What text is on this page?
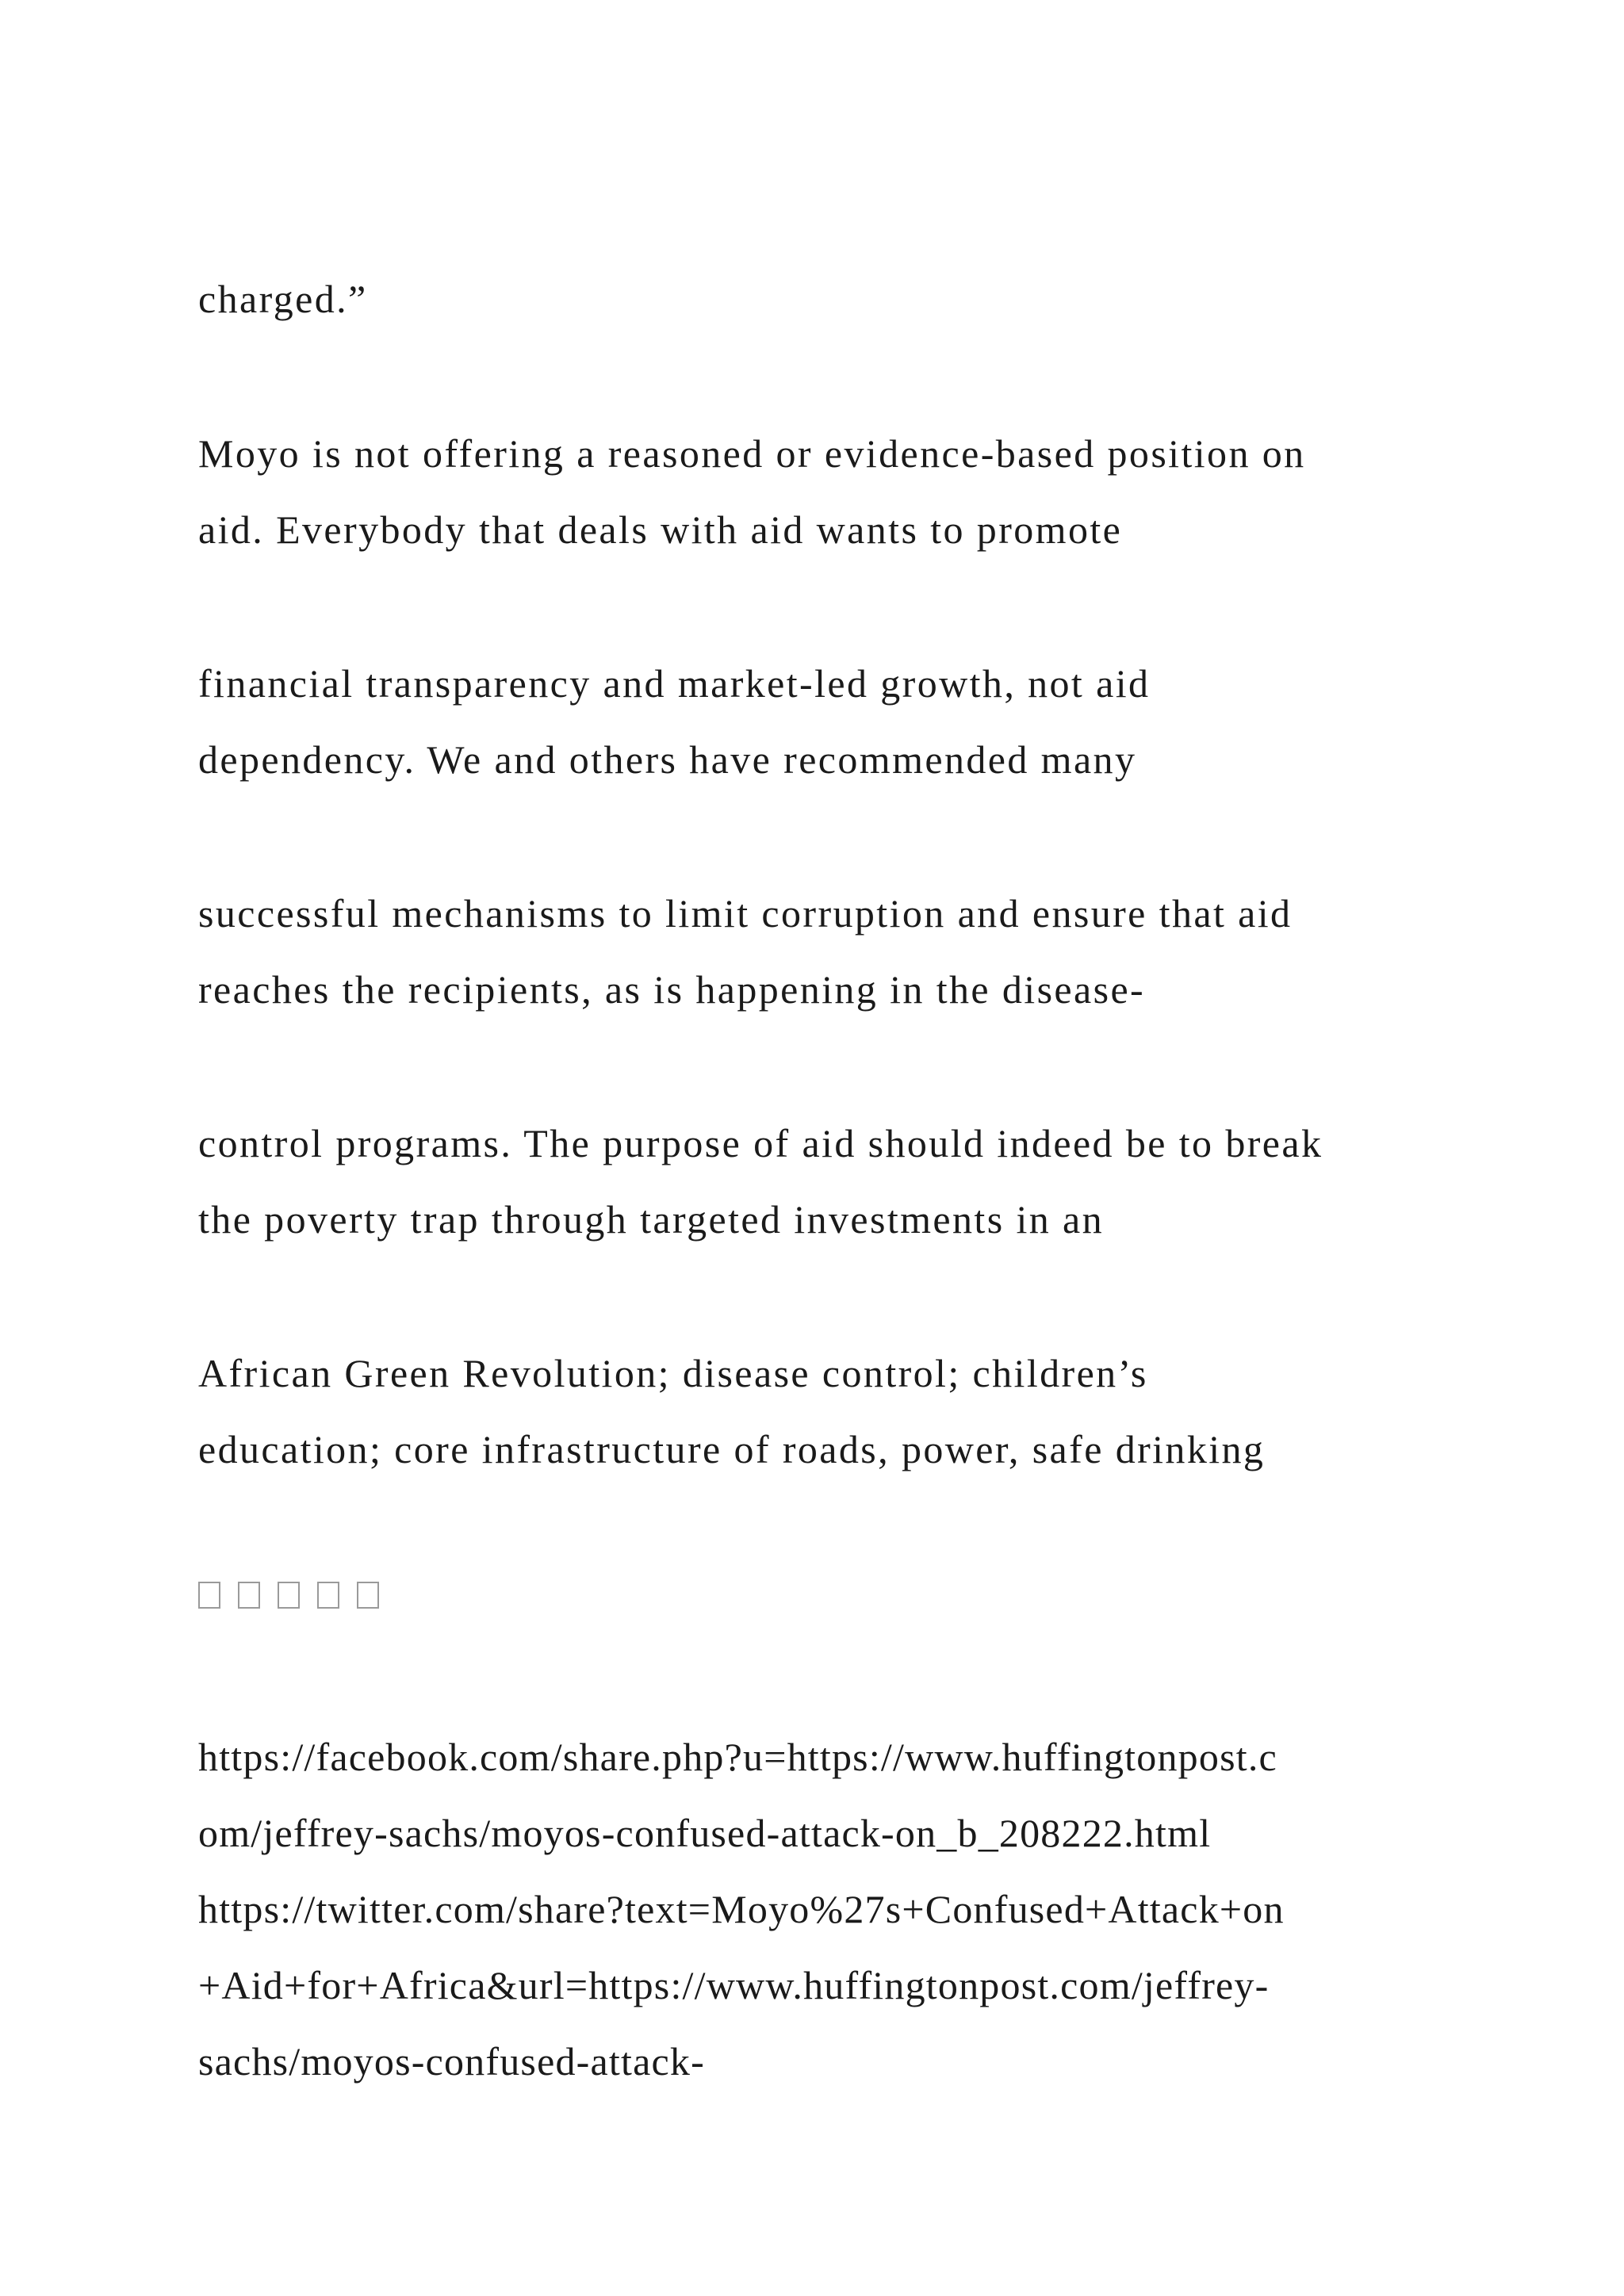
charged.”
Moyo is not offering a reasoned or evidence-based position on
aid. Everybody that deals with aid wants to promote
financial transparency and market-led growth, not aid
dependency. We and others have recommended many
successful mechanisms to limit corruption and ensure that aid
reaches the recipients, as is happening in the disease-
control programs. The purpose of aid should indeed be to break
the poverty trap through targeted investments in an
African Green Revolution; disease control; children’s
education; core infrastructure of roads, power, safe drinking
https://facebook.com/share.php?u=https://www.huffingtonpost.c
om/jeffrey-sachs/moyos-confused-attack-on_b_208222.html
https://twitter.com/share?text=Moyo%27s+Confused+Attack+on
+Aid+for+Africa&url=https://www.huffingtonpost.com/jeffrey-
sachs/moyos-confused-attack-
